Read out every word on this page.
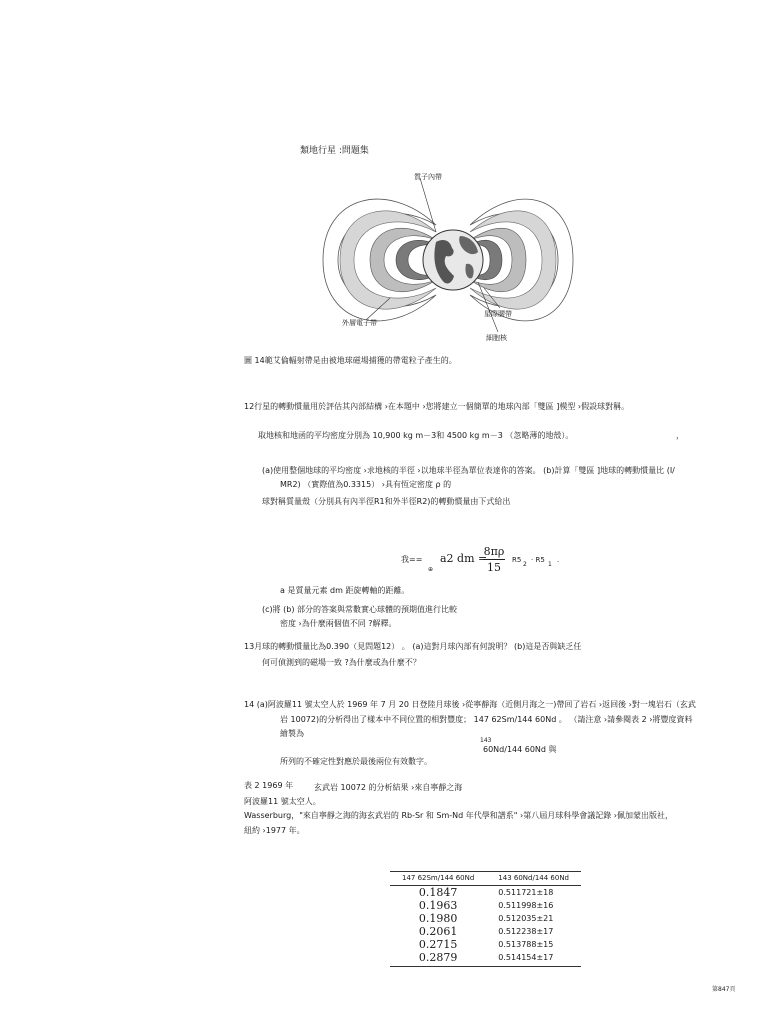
類地行星 :問題集
質子內帶
外層電子帶
星際腰帶
細胞核
圖 14範艾倫輻射帶是由被地球磁場捕獲的帶電粒子產生的。
12行星的轉動慣量用於評估其內部結構 ›在本題中 ›您將建立一個簡單的地球內部「雙區 ]模型 ›假設球對稱。
取地核和地函的平均密度分別為 10,900 kg m－3和 4500 kg m－3 （忽略薄的地殼）。	，
(a)使用整個地球的平均密度 ›求地核的半徑 ›以地球半徑為單位表達你的答案。 (b)計算「雙區 ]地球的轉動慣量比 (I/
MR2) （實際值為0.3315） ›具有恆定密度 ρ 的
球對稱質量殼（分別具有內半徑R1和外半徑R2)的轉動慣量由下式給出
我==
⊕
a2 dm =
8πρ
15
R5
2
· R5
1
.
a 是質量元素 dm 距旋轉軸的距離。
(c)將 (b) 部分的答案與常數實心球體的預期值進行比較
密度 ›為什麼兩個值不同 ?解釋。
13月球的轉動慣量比為0.390（見問題12） 。 (a)這對月球內部有何說明？ (b)這是否與缺乏任
何可偵測到的磁場一致 ?為什麼或為什麼不？
14 (a)阿波羅11 號太空人於 1969 年 7 月 20 日登陸月球後 ›從寧靜海（近側月海之一)帶回了岩石 ›返回後 ›對一塊岩石（玄武
岩 10072)的分析得出了樣本中不同位置的相對豐度； 147 62Sm/144 60Nd 。 （請注意 ›請參閱表 2 ›將豐度資料
繪製為
143
60Nd/144 60Nd 與
所列的不確定性對應於最後兩位有效數字。
表 2 1969 年	玄武岩 10072 的分析結果 ›來自寧靜之海
阿波羅11 號太空人。
Wasserburg，"來自寧靜之海的海玄武岩的 Rb-Sr 和 Sm-Nd 年代學和譜系" ›第八屆月球科學會議記錄 ›佩加蒙出版社，
紐約 ›1977 年。
147 62Sm/144 60Nd	143 60Nd/144 60Nd
0.1847	0.511721±18
0.1963	0.511998±16
0.1980	0.512035±21
0.2061	0.512238±17
0.2715	0.513788±15
0.2879	0.514154±17
第847頁
